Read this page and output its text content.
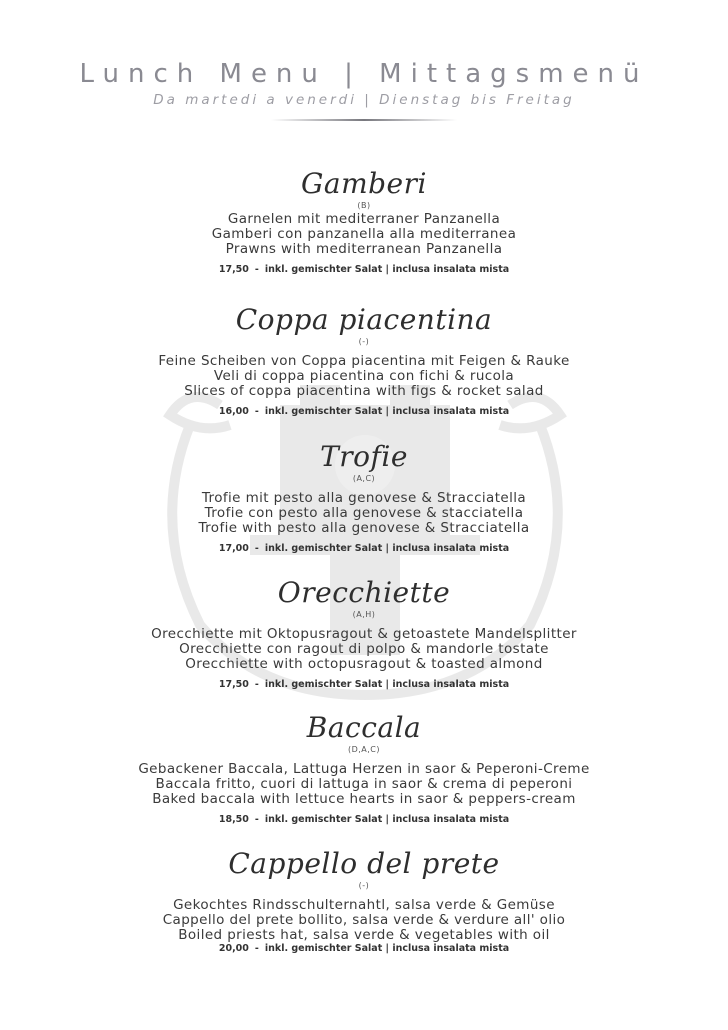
Lunch Menu | Mittagsmenü
Da martedi a venerdi | Dienstag bis Freitag
Gamberi
(B)
Garnelen mit mediterraner Panzanella
Gamberi con panzanella alla mediterranea
Prawns with mediterranean Panzanella
17,50 - inkl. gemischter Salat | inclusa insalata mista
Coppa piacentina
(-)
Feine Scheiben von Coppa piacentina mit Feigen & Rauke
Veli di coppa piacentina con fichi & rucola
Slices of coppa piacentina with figs & rocket salad
16,00 - inkl. gemischter Salat | inclusa insalata mista
Trofie
(A,C)
Trofie mit pesto alla genovese & Stracciatella
Trofie con pesto alla genovese & stacciatella
Trofie with pesto alla genovese & Stracciatella
17,00 - inkl. gemischter Salat | inclusa insalata mista
Orecchiette
(A,H)
Orecchiette mit Oktopusragout & getoastete Mandelsplitter
Orecchiette con ragout di polpo & mandorle tostate
Orecchiette with octopusragout & toasted almond
17,50 - inkl. gemischter Salat | inclusa insalata mista
Baccala
(D,A,C)
Gebackener Baccala, Lattuga Herzen in saor & Peperoni-Creme
Baccala fritto, cuori di lattuga in saor & crema di peperoni
Baked baccala with lettuce hearts in saor & peppers-cream
18,50 - inkl. gemischter Salat | inclusa insalata mista
Cappello del prete
(-)
Gekochtes Rindsschulternahtl, salsa verde & Gemüse
Cappello del prete bollito, salsa verde & verdure all' olio
Boiled priests hat, salsa verde & vegetables with oil
20,00 - inkl. gemischter Salat | inclusa insalata mista
